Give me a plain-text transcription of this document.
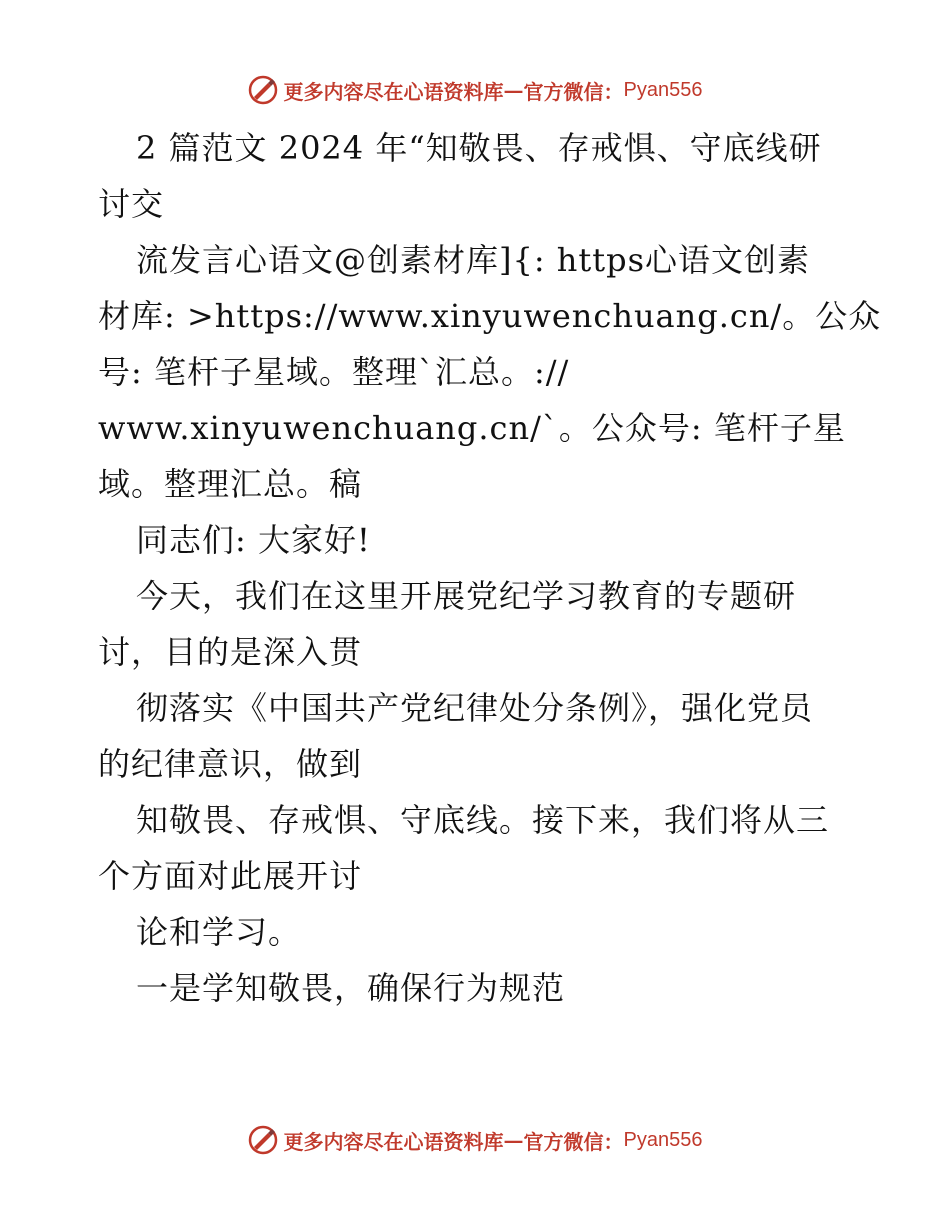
更多内容尽在心语资料库 — 官方微信： Pyan556
2 篇范文 2024 年“知敬畏、存戒惧、守底线研
讨交
流发言心语文@创素材库]{: https心语文创素
材库: >https://www.xinyuwenchuang.cn/。公众
号: 笔杆子星域。整理`汇总。://
www.xinyuwenchuang.cn/`。公众号: 笔杆子星
域。整理汇总。稿
同志们: 大家好!
今天，我们在这里开展党纪学习教育的专题研
讨，目的是深入贯
彻落实《中国共产党纪律处分条例》，强化党员
的纪律意识，做到
知敬畏、存戒惧、守底线。接下来，我们将从三
个方面对此展开讨
论和学习。
一是学知敬畏，确保行为规范
更多内容尽在心语资料库 — 官方微信： Pyan556
